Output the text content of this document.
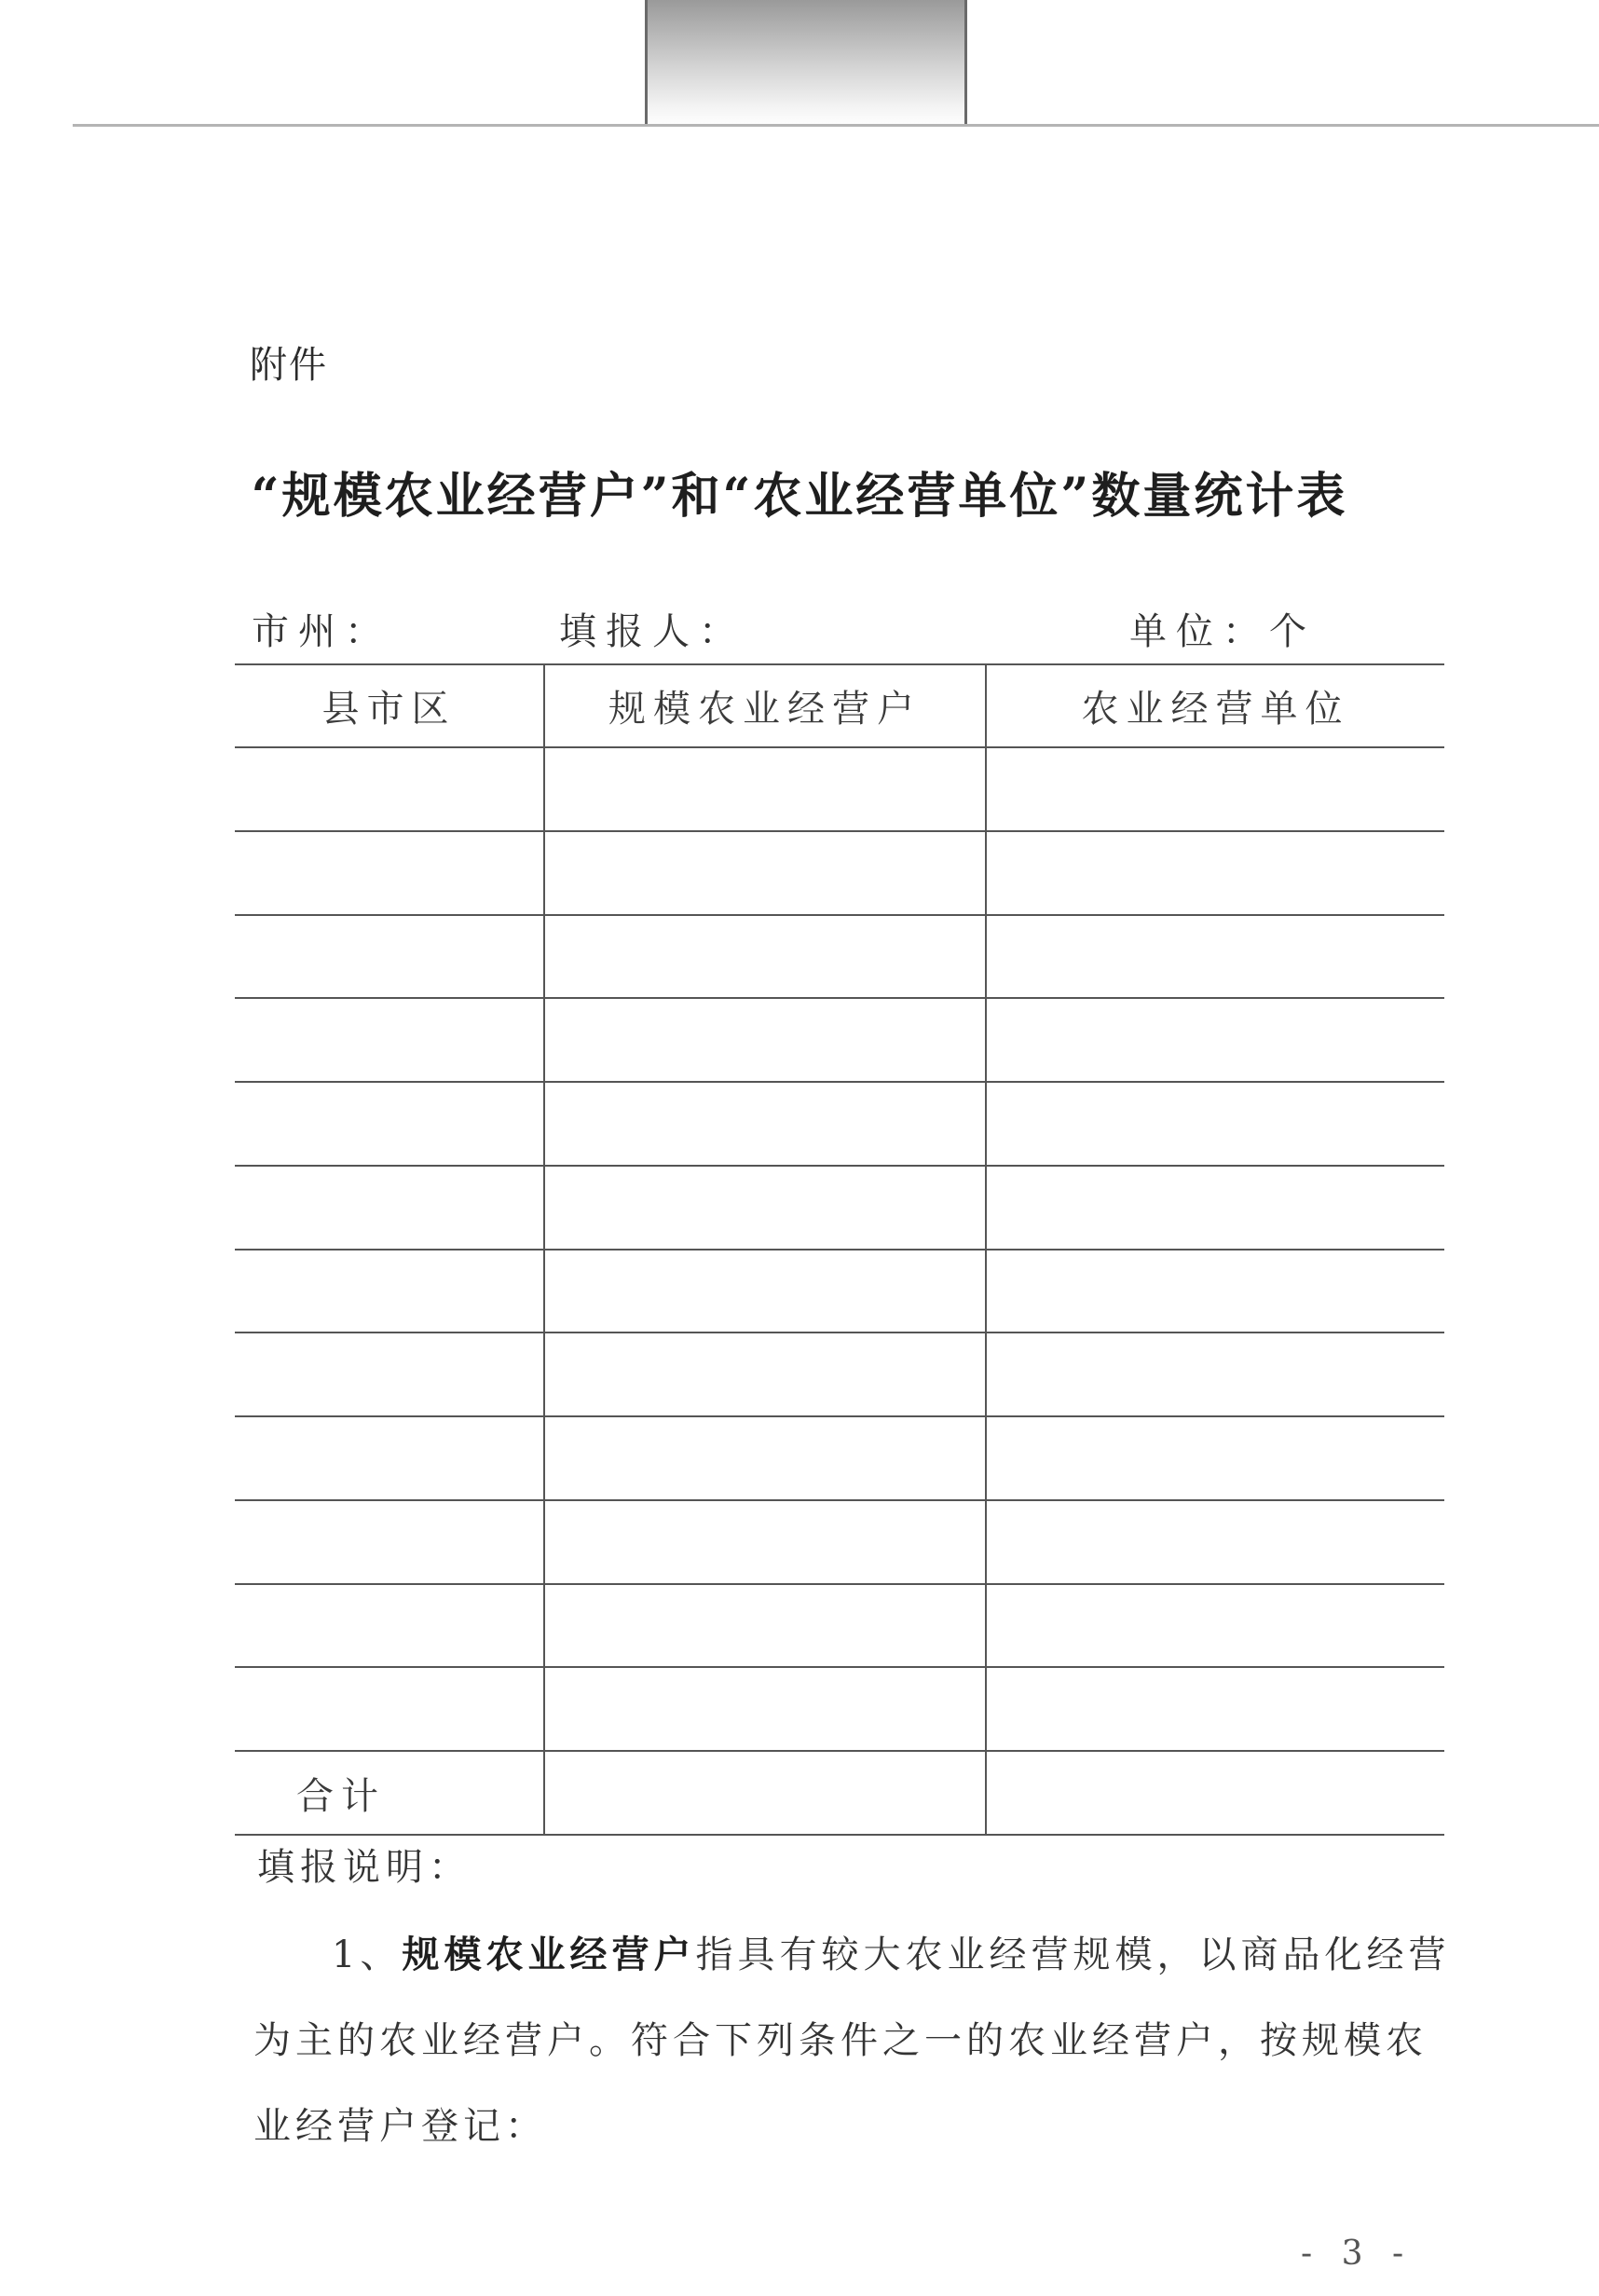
附件
“规模农业经营户”和“农业经营单位”数量统计表
市州：	填报人：	单位：个
县市区	规模农业经营户	农业经营单位

合计		
填报说明：
1、规模农业经营户指具有较大农业经营规模，以商品化经营
为主的农业经营户。符合下列条件之一的农业经营户，按规模农
业经营户登记：
- 3 -
